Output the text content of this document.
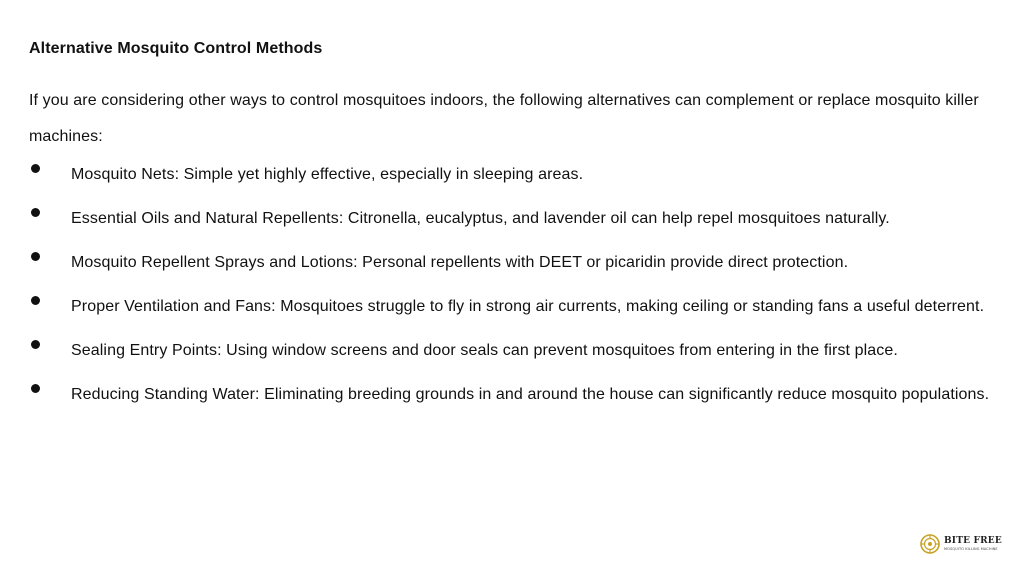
Alternative Mosquito Control Methods
If you are considering other ways to control mosquitoes indoors, the following alternatives can complement or replace mosquito killer machines:
Mosquito Nets: Simple yet highly effective, especially in sleeping areas.
Essential Oils and Natural Repellents: Citronella, eucalyptus, and lavender oil can help repel mosquitoes naturally.
Mosquito Repellent Sprays and Lotions: Personal repellents with DEET or picaridin provide direct protection.
Proper Ventilation and Fans: Mosquitoes struggle to fly in strong air currents, making ceiling or standing fans a useful deterrent.
Sealing Entry Points: Using window screens and door seals can prevent mosquitoes from entering in the first place.
Reducing Standing Water: Eliminating breeding grounds in and around the house can significantly reduce mosquito populations.
BITE FREE
MOSQUITO KILLING MACHINE
